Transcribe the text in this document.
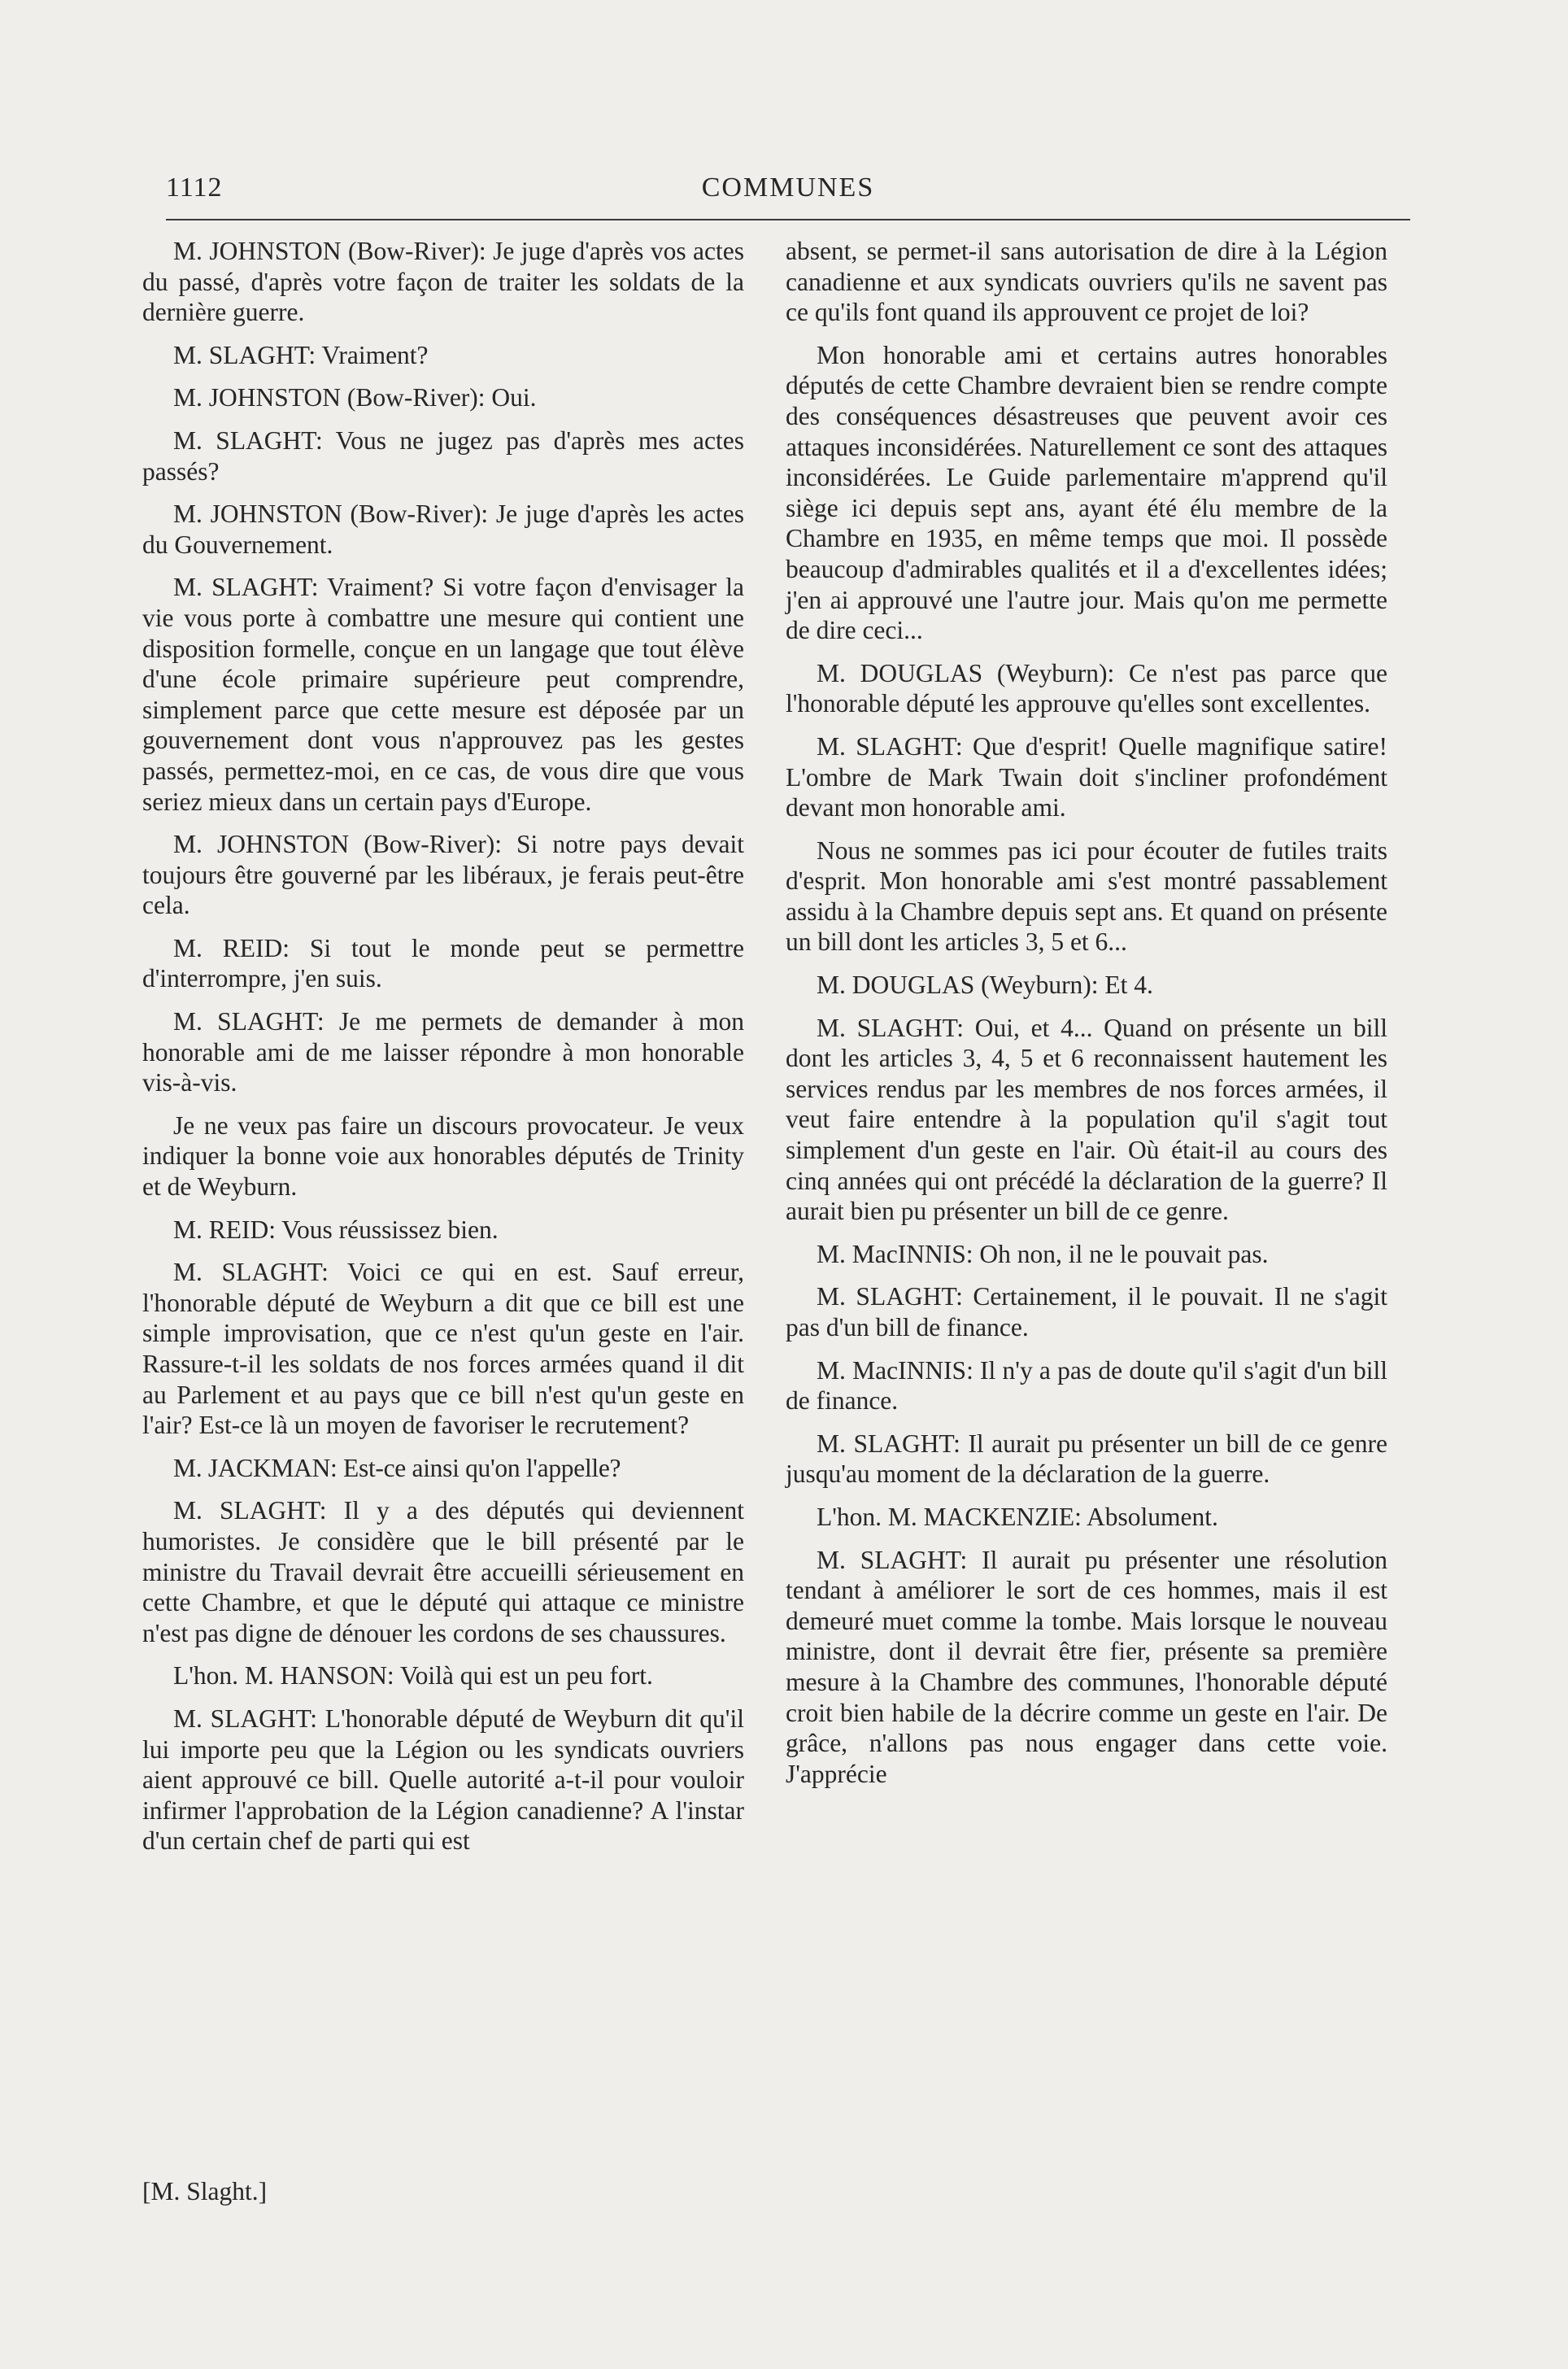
1112	COMMUNES

M. JOHNSTON (Bow-River): Je juge d'après vos actes du passé, d'après votre façon de traiter les soldats de la dernière guerre.

M. SLAGHT: Vraiment?

M. JOHNSTON (Bow-River): Oui.

M. SLAGHT: Vous ne jugez pas d'après mes actes passés?

M. JOHNSTON (Bow-River): Je juge d'après les actes du Gouvernement.

M. SLAGHT: Vraiment? Si votre façon d'envisager la vie vous porte à combattre une mesure qui contient une disposition formelle, conçue en un langage que tout élève d'une école primaire supérieure peut comprendre, simplement parce que cette mesure est déposée par un gouvernement dont vous n'approuvez pas les gestes passés, permettez-moi, en ce cas, de vous dire que vous seriez mieux dans un certain pays d'Europe.

M. JOHNSTON (Bow-River): Si notre pays devait toujours être gouverné par les libéraux, je ferais peut-être cela.

M. REID: Si tout le monde peut se permettre d'interrompre, j'en suis.

M. SLAGHT: Je me permets de demander à mon honorable ami de me laisser répondre à mon honorable vis-à-vis.

Je ne veux pas faire un discours provocateur. Je veux indiquer la bonne voie aux honorables députés de Trinity et de Weyburn.

M. REID: Vous réussissez bien.

M. SLAGHT: Voici ce qui en est. Sauf erreur, l'honorable député de Weyburn a dit que ce bill est une simple improvisation, que ce n'est qu'un geste en l'air. Rassure-t-il les soldats de nos forces armées quand il dit au Parlement et au pays que ce bill n'est qu'un geste en l'air? Est-ce là un moyen de favoriser le recrutement?

M. JACKMAN: Est-ce ainsi qu'on l'appelle?

M. SLAGHT: Il y a des députés qui deviennent humoristes. Je considère que le bill présenté par le ministre du Travail devrait être accueilli sérieusement en cette Chambre, et que le député qui attaque ce ministre n'est pas digne de dénouer les cordons de ses chaussures.

L'hon. M. HANSON: Voilà qui est un peu fort.

M. SLAGHT: L'honorable député de Weyburn dit qu'il lui importe peu que la Légion ou les syndicats ouvriers aient approuvé ce bill. Quelle autorité a-t-il pour vouloir infirmer l'approbation de la Légion canadienne? A l'instar d'un certain chef de parti qui est

[M. Slaght.]

absent, se permet-il sans autorisation de dire à la Légion canadienne et aux syndicats ouvriers qu'ils ne savent pas ce qu'ils font quand ils approuvent ce projet de loi?

Mon honorable ami et certains autres honorables députés de cette Chambre devraient bien se rendre compte des conséquences désastreuses que peuvent avoir ces attaques inconsidérées. Naturellement ce sont des attaques inconsidérées. Le Guide parlementaire m'apprend qu'il siège ici depuis sept ans, ayant été élu membre de la Chambre en 1935, en même temps que moi. Il possède beaucoup d'admirables qualités et il a d'excellentes idées; j'en ai approuvé une l'autre jour. Mais qu'on me permette de dire ceci...

M. DOUGLAS (Weyburn): Ce n'est pas parce que l'honorable député les approuve qu'elles sont excellentes.

M. SLAGHT: Que d'esprit! Quelle magnifique satire! L'ombre de Mark Twain doit s'incliner profondément devant mon honorable ami.

Nous ne sommes pas ici pour écouter de futiles traits d'esprit. Mon honorable ami s'est montré passablement assidu à la Chambre depuis sept ans. Et quand on présente un bill dont les articles 3, 5 et 6...

M. DOUGLAS (Weyburn): Et 4.

M. SLAGHT: Oui, et 4... Quand on présente un bill dont les articles 3, 4, 5 et 6 reconnaissent hautement les services rendus par les membres de nos forces armées, il veut faire entendre à la population qu'il s'agit tout simplement d'un geste en l'air. Où était-il au cours des cinq années qui ont précédé la déclaration de la guerre? Il aurait bien pu présenter un bill de ce genre.

M. MacINNIS: Oh non, il ne le pouvait pas.

M. SLAGHT: Certainement, il le pouvait. Il ne s'agit pas d'un bill de finance.

M. MacINNIS: Il n'y a pas de doute qu'il s'agit d'un bill de finance.

M. SLAGHT: Il aurait pu présenter un bill de ce genre jusqu'au moment de la déclaration de la guerre.

L'hon. M. MACKENZIE: Absolument.

M. SLAGHT: Il aurait pu présenter une résolution tendant à améliorer le sort de ces hommes, mais il est demeuré muet comme la tombe. Mais lorsque le nouveau ministre, dont il devrait être fier, présente sa première mesure à la Chambre des communes, l'honorable député croit bien habile de la décrire comme un geste en l'air. De grâce, n'allons pas nous engager dans cette voie. J'apprécie
